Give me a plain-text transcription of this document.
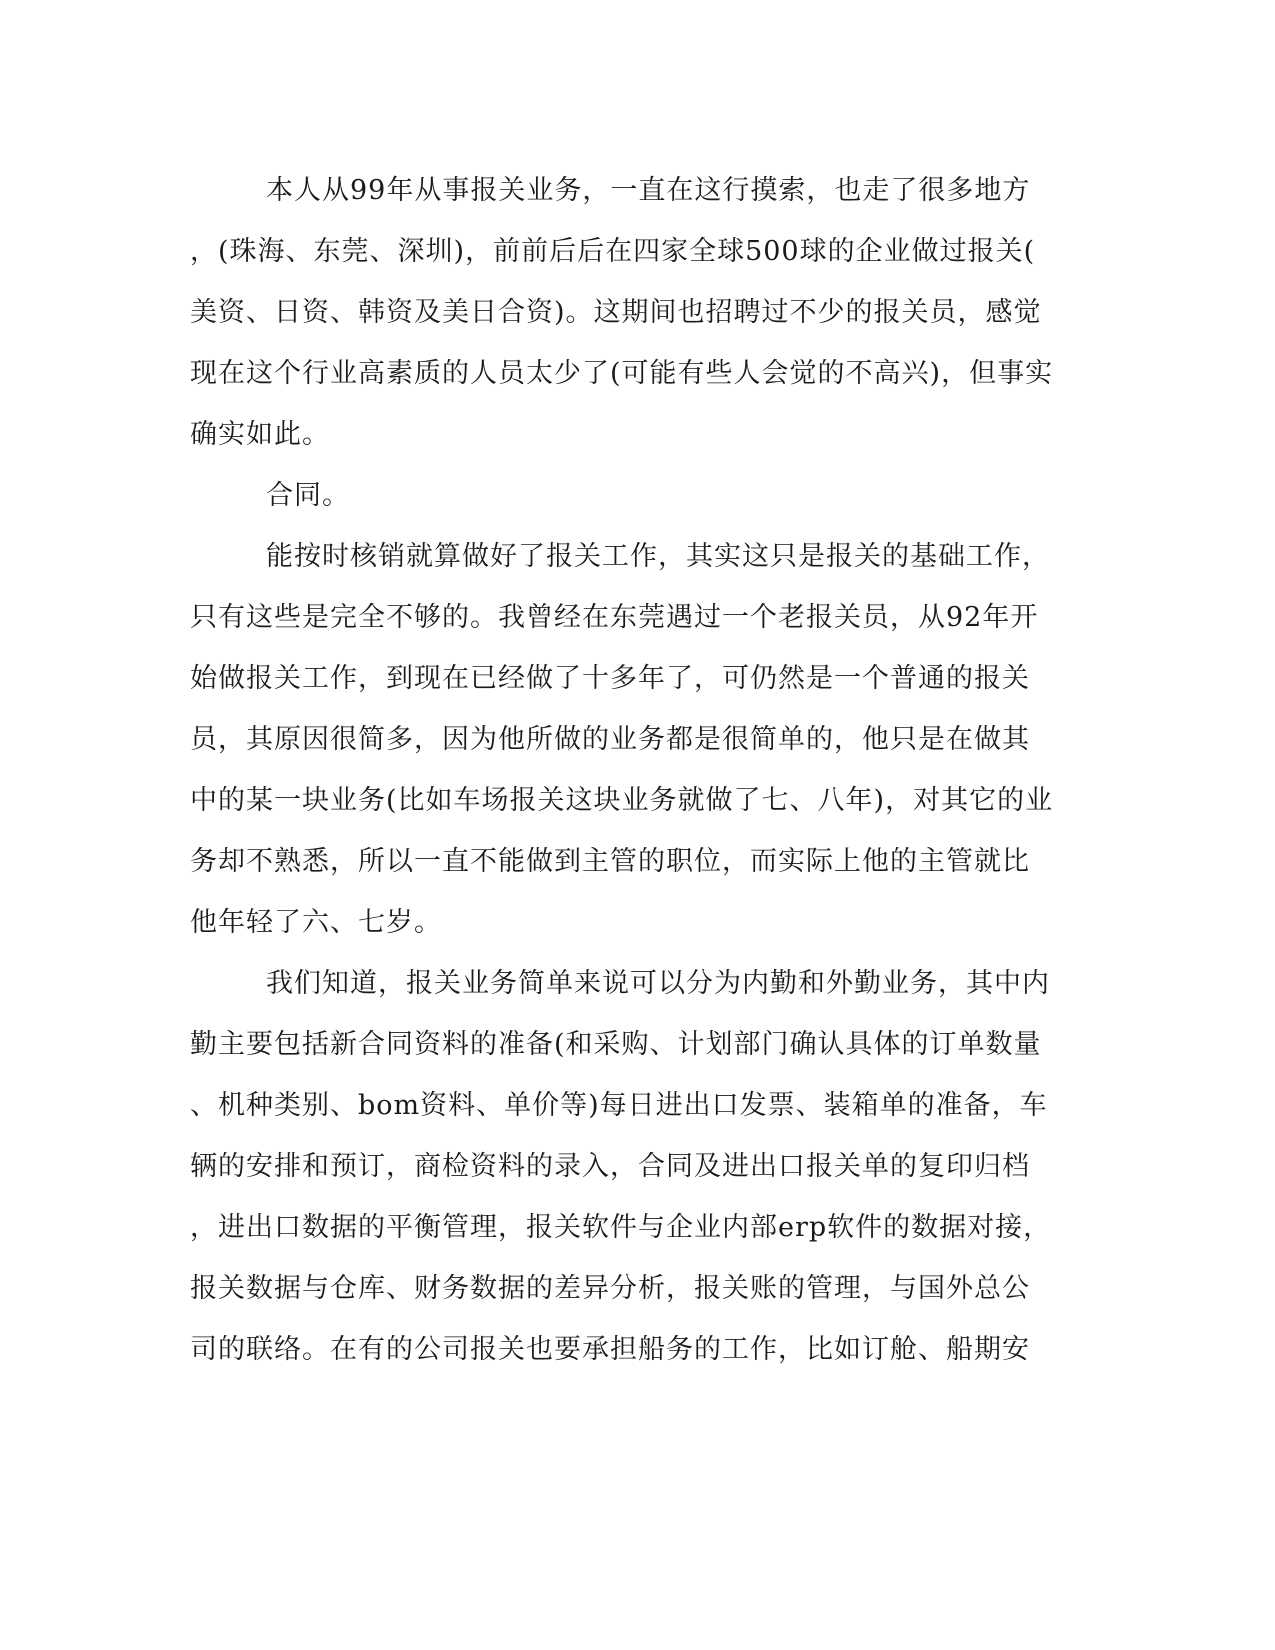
本人从99年从事报关业务，一直在这行摸索，也走了很多地方
，(珠海、东莞、深圳)，前前后后在四家全球500球的企业做过报关(
美资、日资、韩资及美日合资)。这期间也招聘过不少的报关员，感觉
现在这个行业高素质的人员太少了(可能有些人会觉的不高兴)，但事实
确实如此。
合同。
能按时核销就算做好了报关工作，其实这只是报关的基础工作，
只有这些是完全不够的。我曾经在东莞遇过一个老报关员，从92年开
始做报关工作，到现在已经做了十多年了，可仍然是一个普通的报关
员，其原因很简多，因为他所做的业务都是很简单的，他只是在做其
中的某一块业务(比如车场报关这块业务就做了七、八年)，对其它的业
务却不熟悉，所以一直不能做到主管的职位，而实际上他的主管就比
他年轻了六、七岁。
我们知道，报关业务简单来说可以分为内勤和外勤业务，其中内
勤主要包括新合同资料的准备(和采购、计划部门确认具体的订单数量
、机种类别、bom资料、单价等)每日进出口发票、装箱单的准备，车
辆的安排和预订，商检资料的录入，合同及进出口报关单的复印归档
，进出口数据的平衡管理，报关软件与企业内部erp软件的数据对接，
报关数据与仓库、财务数据的差异分析，报关账的管理，与国外总公
司的联络。在有的公司报关也要承担船务的工作，比如订舱、船期安
